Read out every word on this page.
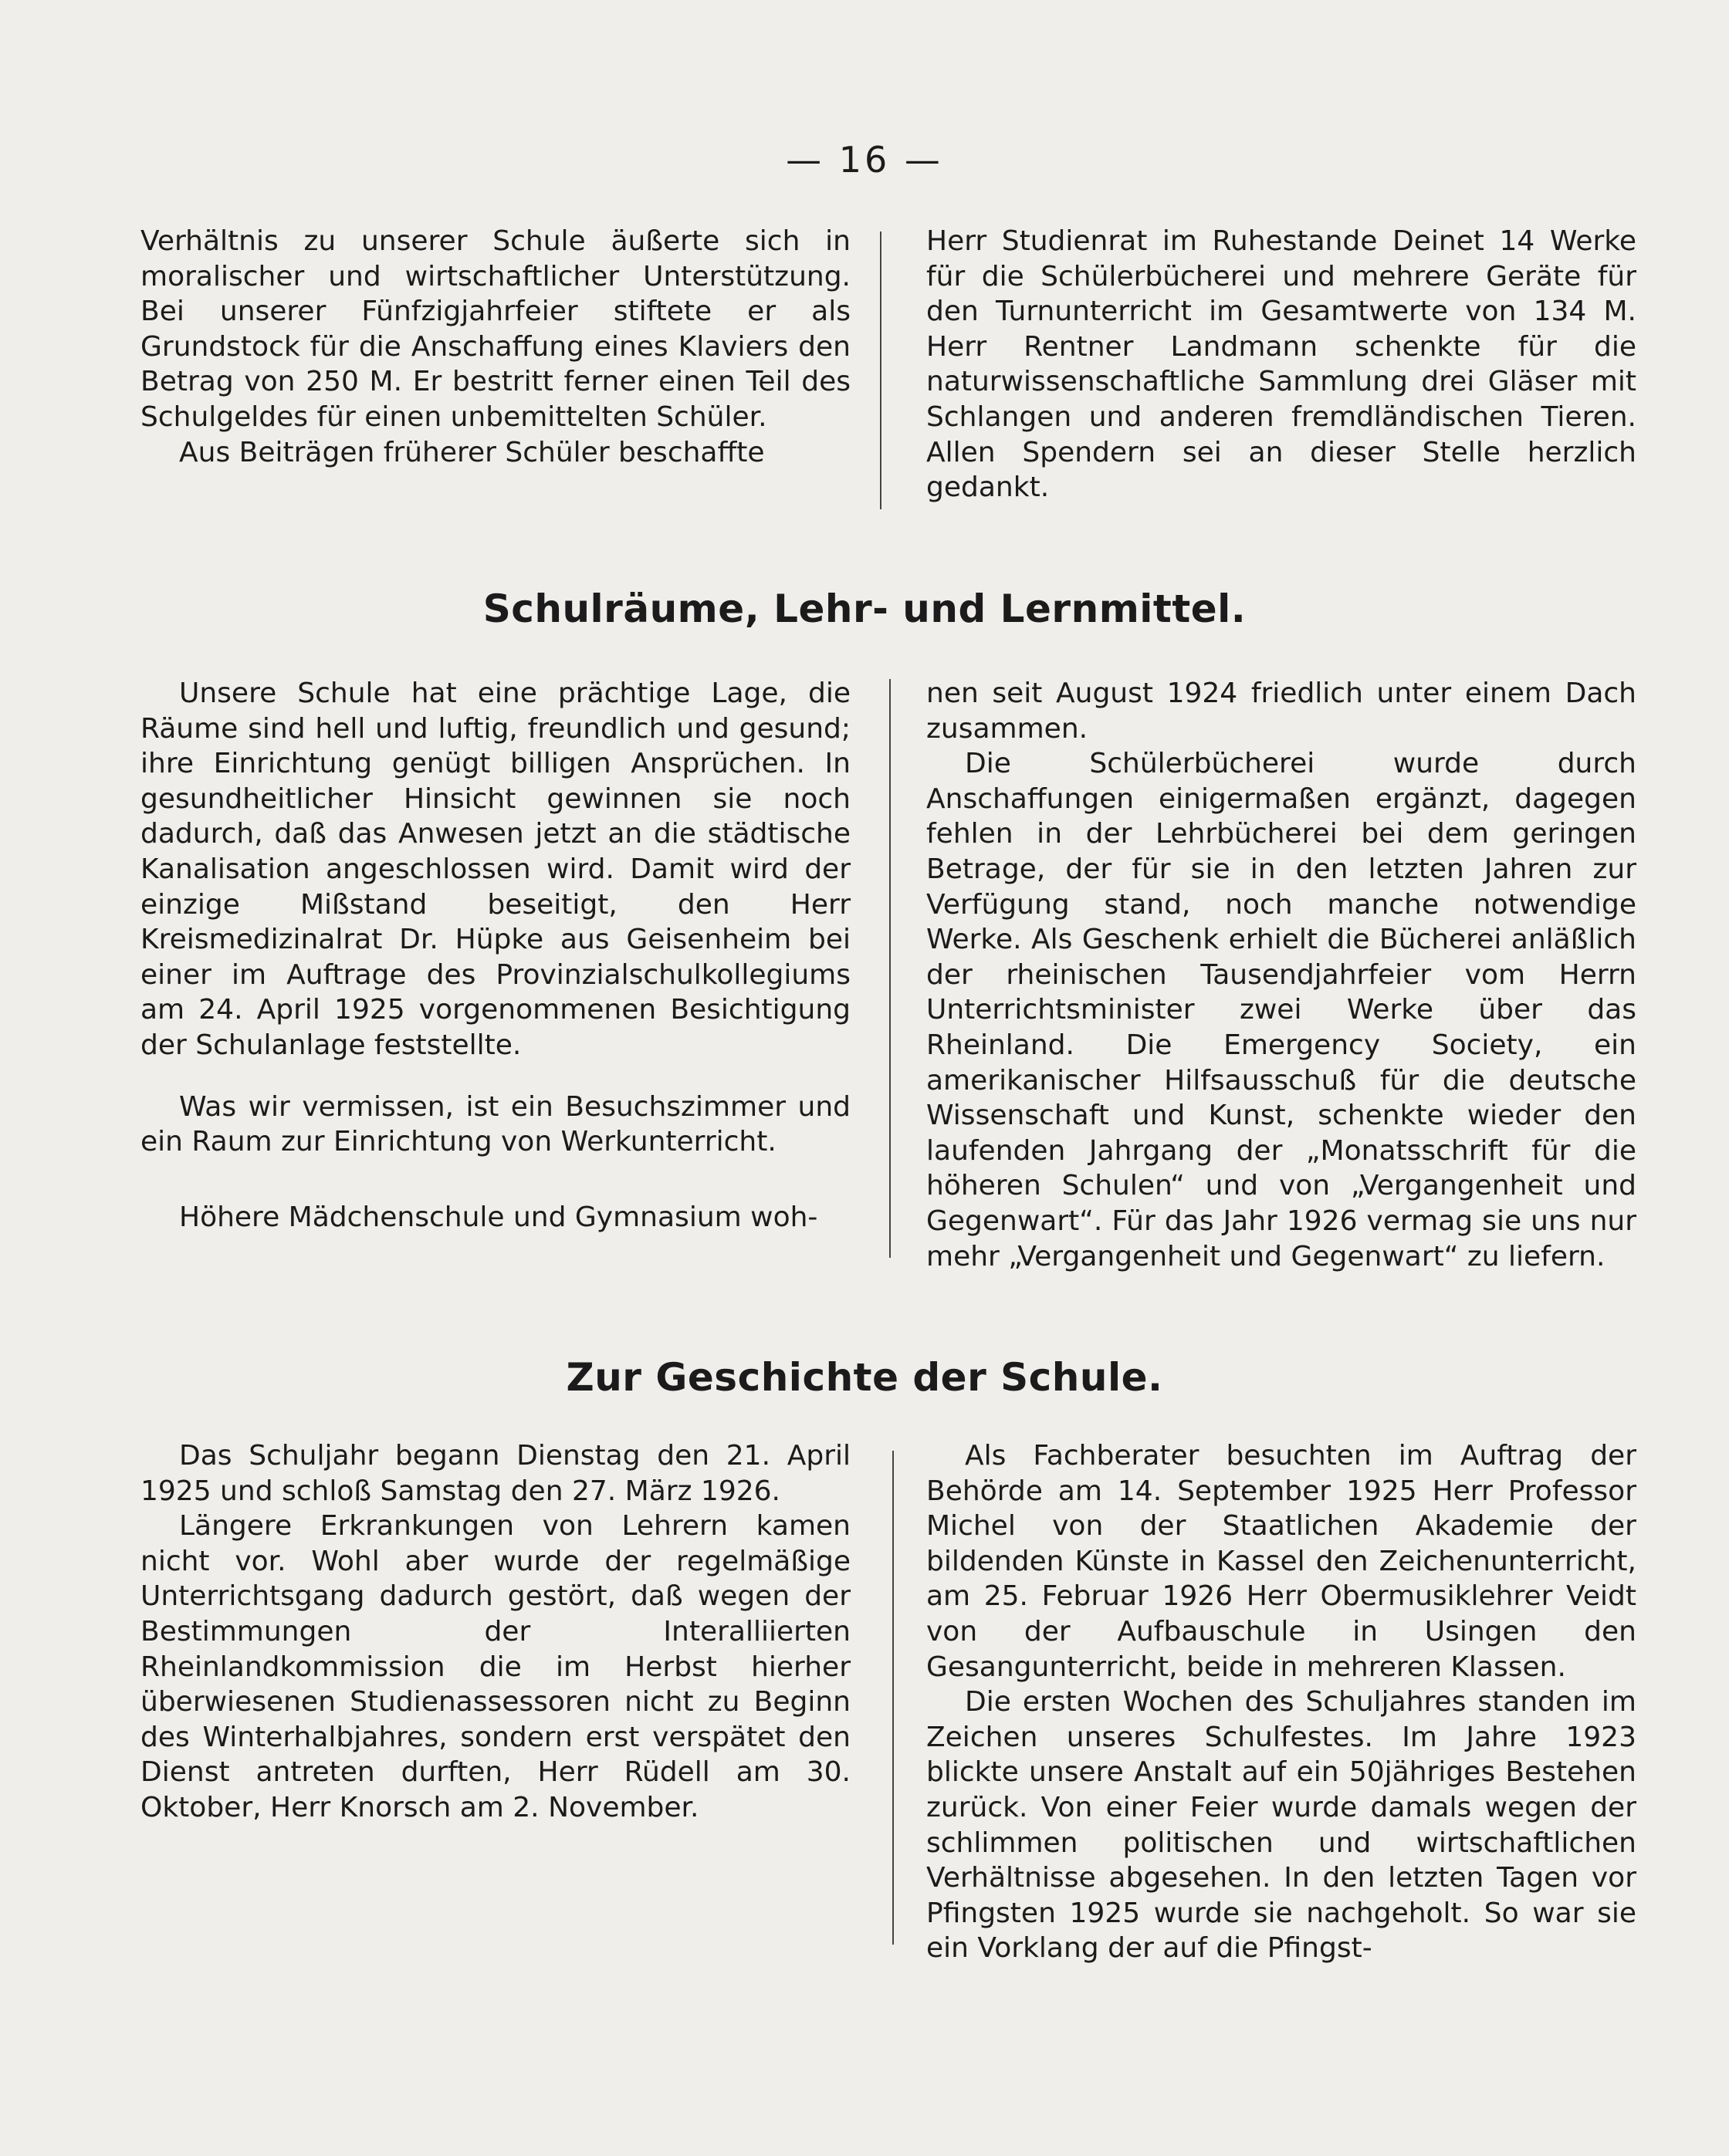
— 16 —

Verhältnis zu unserer Schule äußerte sich in moralischer und wirtschaftlicher Unterstützung. Bei unserer Fünfzigjahrfeier stiftete er als Grundstock für die Anschaffung eines Klaviers den Betrag von 250 M. Er bestritt ferner einen Teil des Schulgeldes für einen unbemittelten Schüler.

Aus Beiträgen früherer Schüler beschaffte

Herr Studienrat im Ruhestande Deinet 14 Werke für die Schülerbücherei und mehrere Geräte für den Turnunterricht im Gesamtwerte von 134 M. Herr Rentner Landmann schenkte für die naturwissenschaftliche Sammlung drei Gläser mit Schlangen und anderen fremdländischen Tieren. Allen Spendern sei an dieser Stelle herzlich gedankt.

Schulräume, Lehr- und Lernmittel.

Unsere Schule hat eine prächtige Lage, die Räume sind hell und luftig, freundlich und gesund; ihre Einrichtung genügt billigen Ansprüchen. In gesundheitlicher Hinsicht gewinnen sie noch dadurch, daß das Anwesen jetzt an die städtische Kanalisation angeschlossen wird. Damit wird der einzige Mißstand beseitigt, den Herr Kreismedizinalrat Dr. Hüpke aus Geisenheim bei einer im Auftrage des Provinzialschulkollegiums am 24. April 1925 vorgenommenen Besichtigung der Schulanlage feststellte.

Was wir vermissen, ist ein Besuchszimmer und ein Raum zur Einrichtung von Werkunterricht.

Höhere Mädchenschule und Gymnasium woh-

nen seit August 1924 friedlich unter einem Dach zusammen.

Die Schülerbücherei wurde durch Anschaffungen einigermaßen ergänzt, dagegen fehlen in der Lehrbücherei bei dem geringen Betrage, der für sie in den letzten Jahren zur Verfügung stand, noch manche notwendige Werke. Als Geschenk erhielt die Bücherei anläßlich der rheinischen Tausendjahrfeier vom Herrn Unterrichtsminister zwei Werke über das Rheinland. Die Emergency Society, ein amerikanischer Hilfsausschuß für die deutsche Wissenschaft und Kunst, schenkte wieder den laufenden Jahrgang der „Monatsschrift für die höheren Schulen“ und von „Vergangenheit und Gegenwart“. Für das Jahr 1926 vermag sie uns nur mehr „Vergangenheit und Gegenwart“ zu liefern.

Zur Geschichte der Schule.

Das Schuljahr begann Dienstag den 21. April 1925 und schloß Samstag den 27. März 1926.

Längere Erkrankungen von Lehrern kamen nicht vor. Wohl aber wurde der regelmäßige Unterrichtsgang dadurch gestört, daß wegen der Bestimmungen der Interalliierten Rheinlandkommission die im Herbst hierher überwiesenen Studienassessoren nicht zu Beginn des Winterhalbjahres, sondern erst verspätet den Dienst antreten durften, Herr Rüdell am 30. Oktober, Herr Knorsch am 2. November.

Als Fachberater besuchten im Auftrag der Behörde am 14. September 1925 Herr Professor Michel von der Staatlichen Akademie der bildenden Künste in Kassel den Zeichenunterricht, am 25. Februar 1926 Herr Obermusiklehrer Veidt von der Aufbauschule in Usingen den Gesangunterricht, beide in mehreren Klassen.

Die ersten Wochen des Schuljahres standen im Zeichen unseres Schulfestes. Im Jahre 1923 blickte unsere Anstalt auf ein 50jähriges Bestehen zurück. Von einer Feier wurde damals wegen der schlimmen politischen und wirtschaftlichen Verhältnisse abgesehen. In den letzten Tagen vor Pfingsten 1925 wurde sie nachgeholt. So war sie ein Vorklang der auf die Pfingst-
